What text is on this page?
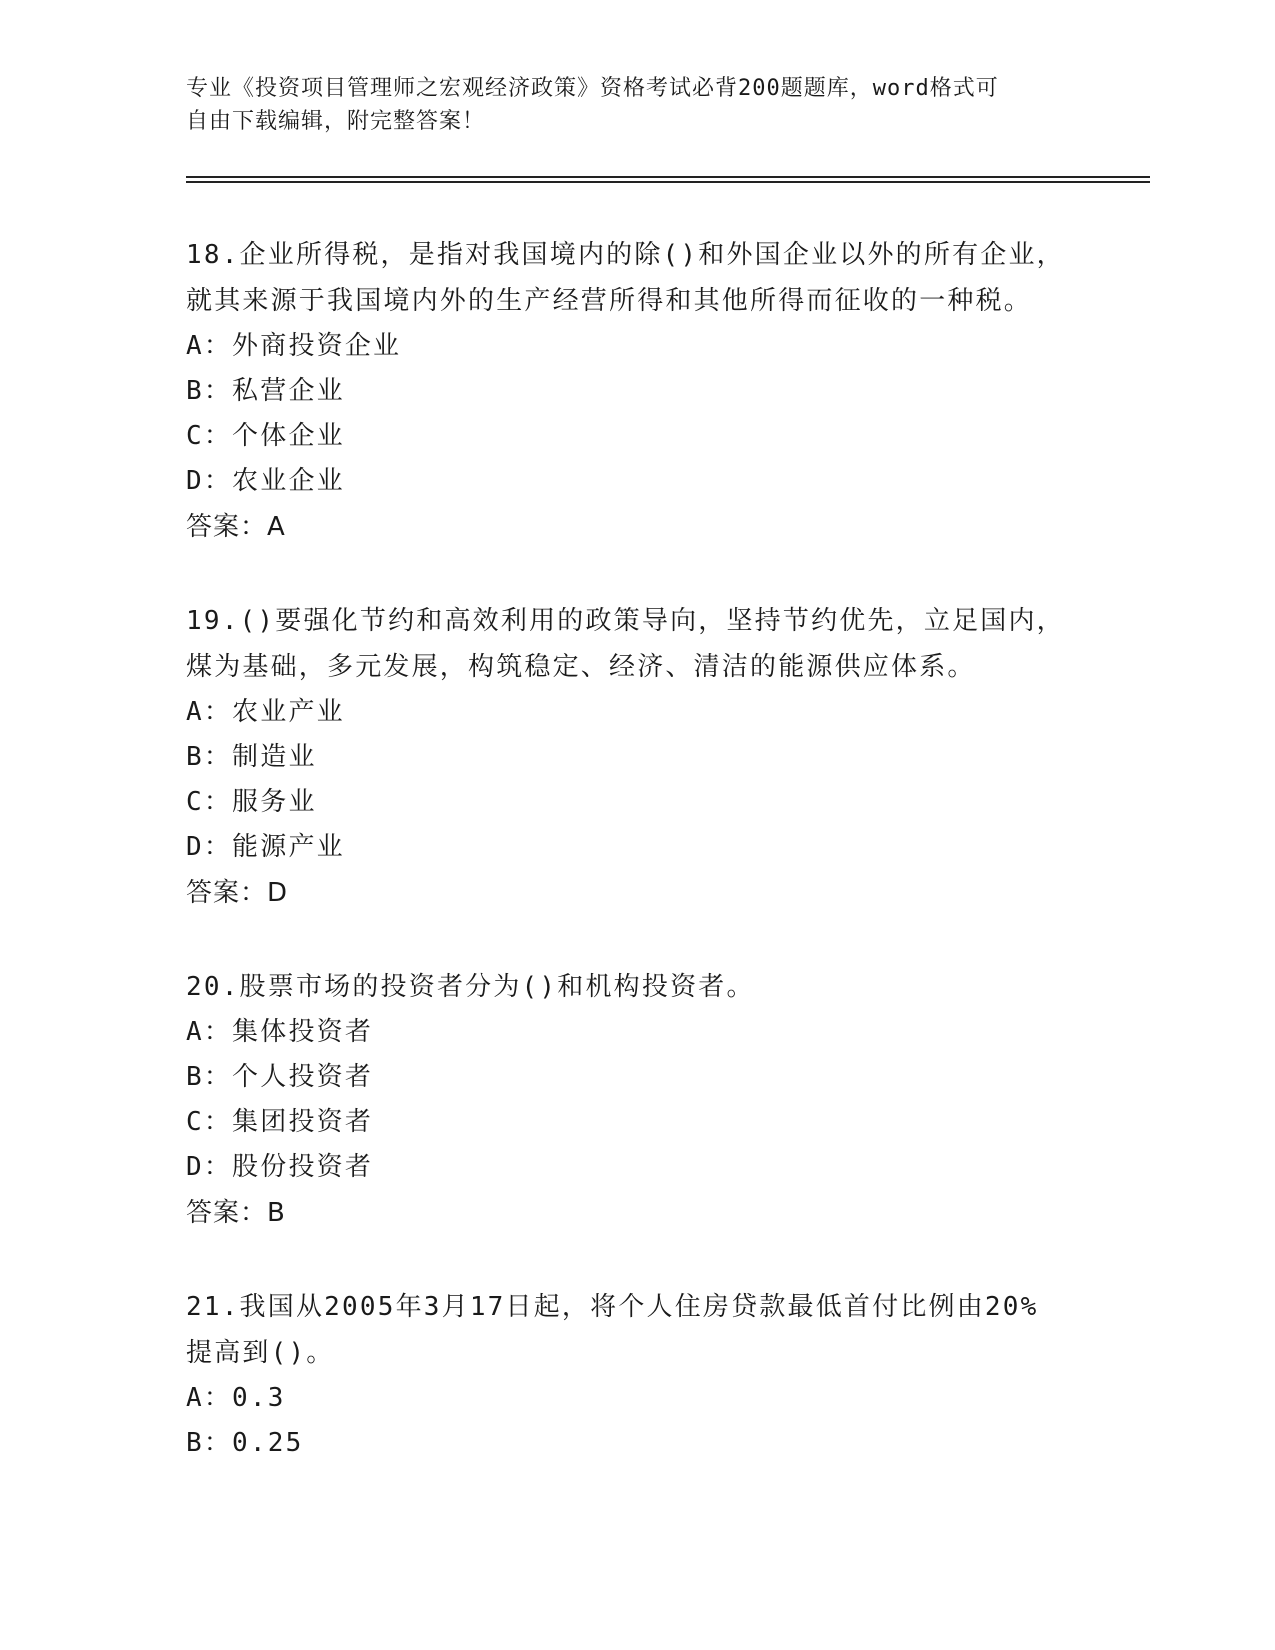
专业《投资项目管理师之宏观经济政策》资格考试必背200题题库，word格式可
自由下载编辑，附完整答案！
18.企业所得税，是指对我国境内的除()和外国企业以外的所有企业，
就其来源于我国境内外的生产经营所得和其他所得而征收的一种税。
A：外商投资企业
B：私营企业
C：个体企业
D：农业企业
答案：A
19.()要强化节约和高效利用的政策导向，坚持节约优先，立足国内，
煤为基础，多元发展，构筑稳定、经济、清洁的能源供应体系。
A：农业产业
B：制造业
C：服务业
D：能源产业
答案：D
20.股票市场的投资者分为()和机构投资者。
A：集体投资者
B：个人投资者
C：集团投资者
D：股份投资者
答案：B
21.我国从2005年3月17日起，将个人住房贷款最低首付比例由20%
提高到()。
A：0.3
B：0.25
